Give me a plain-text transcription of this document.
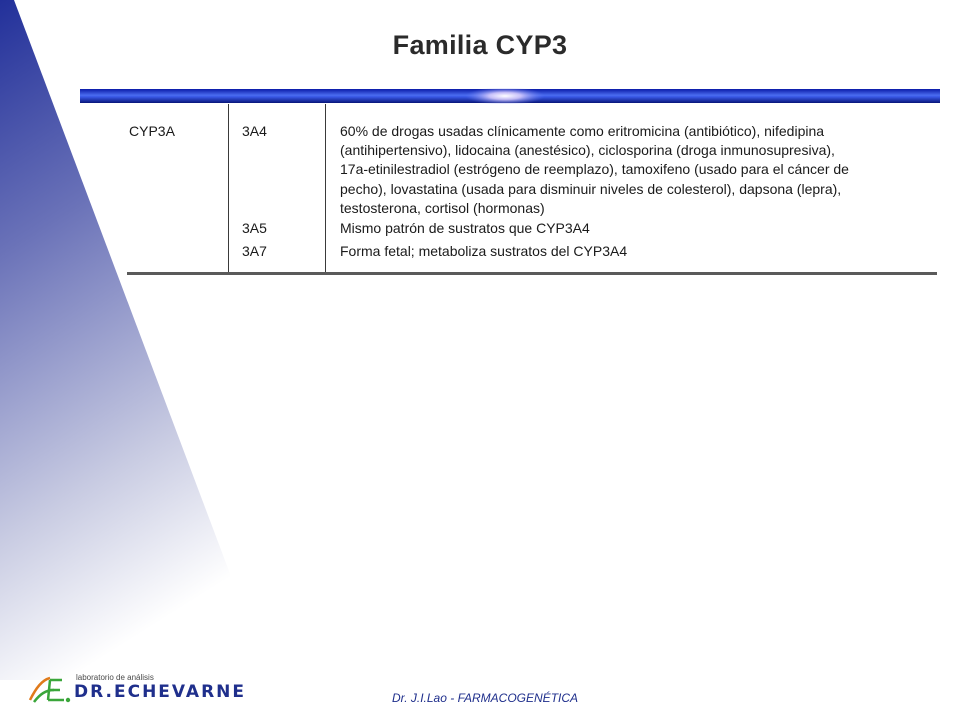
Familia CYP3
CYP3A	3A4
3A5
3A7
60% de drogas usadas clínicamente como eritromicina (antibiótico), nifedipina
(antihipertensivo), lidocaina (anestésico), ciclosporina (droga inmunosupresiva),
17a-etinilestradiol (estrógeno de reemplazo), tamoxifeno (usado para el cáncer de
pecho), lovastatina (usada para disminuir niveles de colesterol), dapsona (lepra),
testosterona, cortisol (hormonas)
Mismo patrón de sustratos que CYP3A4
Forma fetal; metaboliza sustratos del CYP3A4
laboratorio de análisis
DR.ECHEVARNE	Dr. J.I.Lao - FARMACOGENÉTICA
